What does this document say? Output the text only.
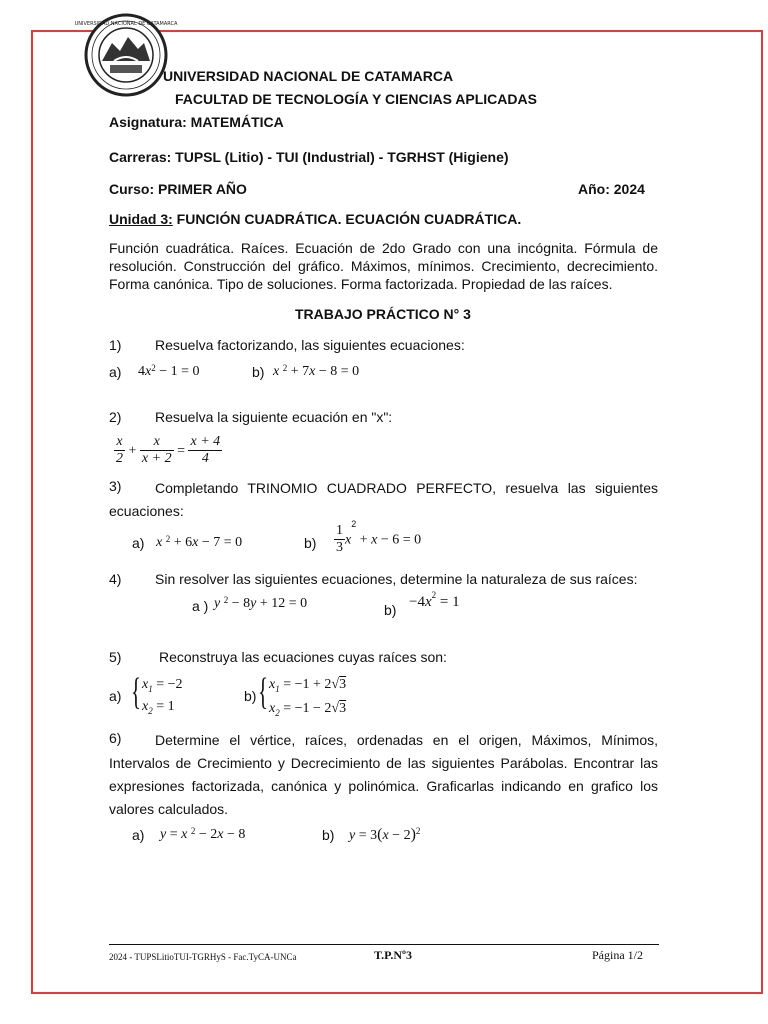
UNIVERSIDAD NACIONAL DE CATAMARCA
UNIVERSIDAD NACIONAL DE CATAMARCA
FACULTAD DE TECNOLOGÍA Y CIENCIAS APLICADAS
Asignatura: MATEMÁTICA
Carreras: TUPSL (Litio) - TUI (Industrial) - TGRHST (Higiene)
Curso: PRIMER AÑO	Año: 2024
Unidad 3: FUNCIÓN CUADRÁTICA. ECUACIÓN CUADRÁTICA.
Función cuadrática. Raíces. Ecuación de 2do Grado con una incógnita. Fórmula de resolución. Construcción del gráfico. Máximos, mínimos. Crecimiento, decrecimiento. Forma canónica. Tipo de soluciones. Forma factorizada. Propiedad de las raíces.
TRABAJO PRÁCTICO N° 3
1) Resuelva factorizando, las siguientes ecuaciones:
a) $4x^2 - 1 = 0$	b) x $^2$ + 7x − 8 = 0
2) Resuelva la siguiente ecuación en "x":
$\frac{x}{2} + \frac{x}{x + 2} = \frac{x + 4}{4}$
3)	Completando TRINOMIO CUADRADO PERFECTO, resuelva las siguientes ecuaciones:
a) x $^2$ + 6x − 7 = 0	$b) \frac{1}{3} x^2 + x - 6 = 0$
4) Sin resolver las siguientes ecuaciones, determine la naturaleza de sus raíces:
a ) y $^2$ − 8y + 12 = 0	$b) -4x^2 = 1$
5)	Reconstruya las ecuaciones cuyas raíces son:
a) { $x_1 = -2$
$x_2 = 1$
b) { $x_1 = -1 + 2√3$
$x_2 = -1 - 2√3$
6)	Determine el vértice, raíces, ordenadas en el origen, Máximos, Mínimos, Intervalos de Crecimiento y Decrecimiento de las siguientes Parábolas. Encontrar las expresiones factorizada, canónica y polinómica. Graficarlas indicando en grafico los valores calculados.
a) y = x $^2$ − 2x − 8	b) $y = 3(x - 2)^2$
2024 - TUPSLitioTUI-TGRHyS - Fac.TyCA-UNCa	T.P.Nº3	Página 1/2
